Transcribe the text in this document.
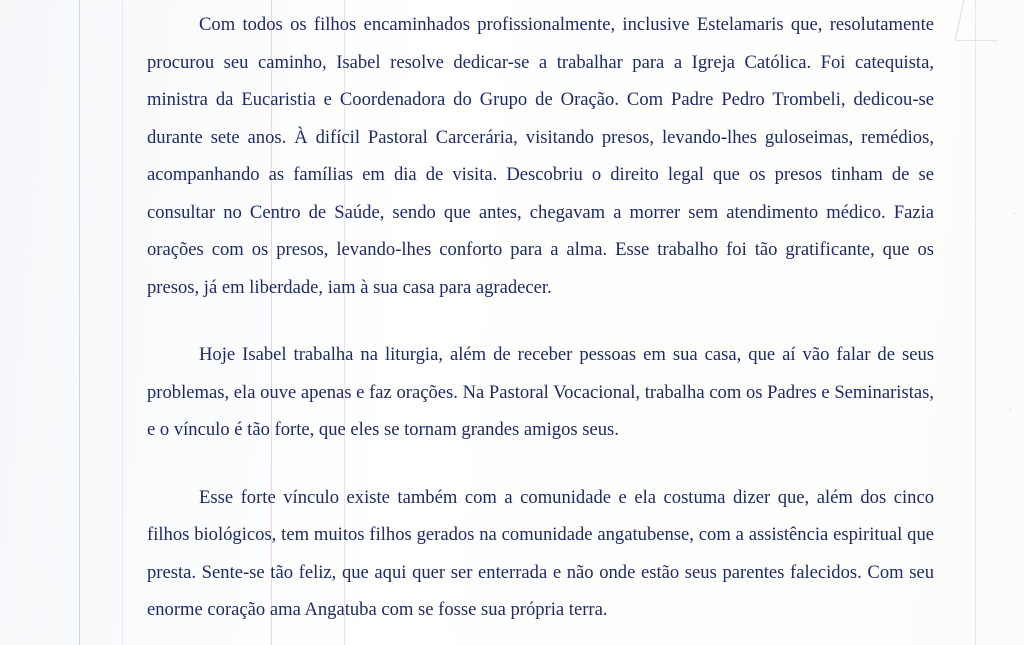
·
·

Com todos os filhos encaminhados profissionalmente, inclusive Estelamaris que, resolutamente procurou seu caminho, Isabel resolve dedicar-se a trabalhar para a Igreja Católica. Foi catequista, ministra da Eucaristia e Coordenadora do Grupo de Oração. Com Padre Pedro Trombeli, dedicou-se durante sete anos. À difícil Pastoral Carcerária, visitando presos, levando-lhes guloseimas, remédios, acompanhando as famílias em dia de visita. Descobriu o direito legal que os presos tinham de se consultar no Centro de Saúde, sendo que antes, chegavam a morrer sem atendimento médico. Fazia orações com os presos, levando-lhes conforto para a alma. Esse trabalho foi tão gratificante, que os presos, já em liberdade, iam à sua casa para agradecer.

Hoje Isabel trabalha na liturgia, além de receber pessoas em sua casa, que aí vão falar de seus problemas, ela ouve apenas e faz orações. Na Pastoral Vocacional, trabalha com os Padres e Seminaristas, e o vínculo é tão forte, que eles se tornam grandes amigos seus.

Esse forte vínculo existe também com a comunidade e ela costuma dizer que, além dos cinco filhos biológicos, tem muitos filhos gerados na comunidade angatubense, com a assistência espiritual que presta. Sente-se tão feliz, que aqui quer ser enterrada e não onde estão seus parentes falecidos. Com seu enorme coração ama Angatuba com se fosse sua própria terra.
